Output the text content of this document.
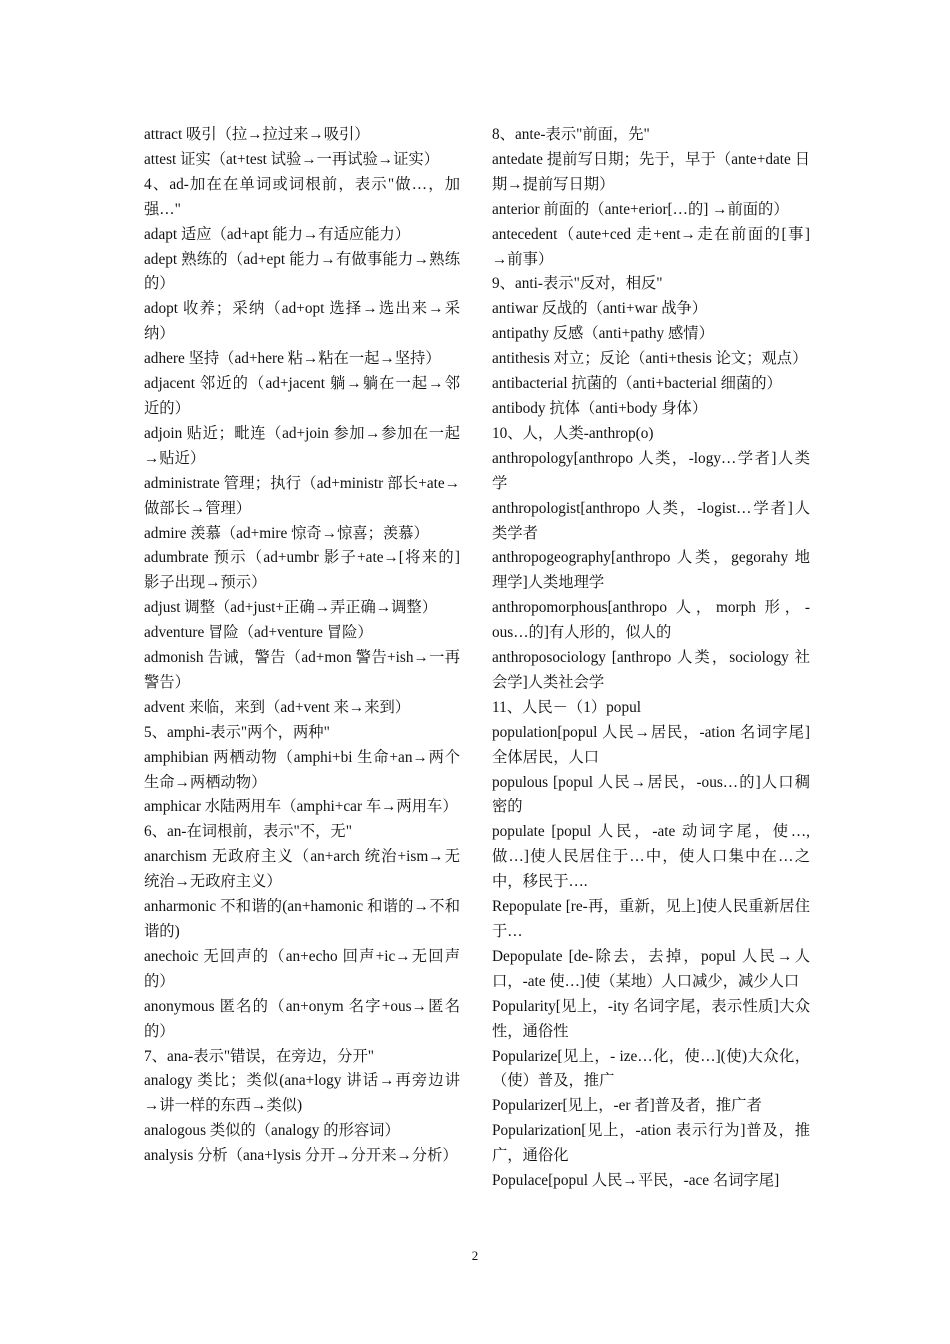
attract 吸引（拉→拉过来→吸引）
attest 证实（at+test 试验→一再试验→证实）
4、ad-加在在单词或词根前，表示"做…，加强…"
adapt 适应（ad+apt 能力→有适应能力）
adept 熟练的（ad+ept 能力→有做事能力→熟练的）
adopt 收养；采纳（ad+opt 选择→选出来→采纳）
adhere 坚持（ad+here 粘→粘在一起→坚持）
adjacent 邻近的（ad+jacent 躺→躺在一起→邻近的）
adjoin 贴近；毗连（ad+join 参加→参加在一起→贴近）
administrate 管理；执行（ad+ministr 部长+ate→做部长→管理）
admire 羡慕（ad+mire 惊奇→惊喜；羡慕）
adumbrate 预示（ad+umbr 影子+ate→[将来的]影子出现→预示）
adjust 调整（ad+just+正确→弄正确→调整）
adventure 冒险（ad+venture 冒险）
admonish 告诫，警告（ad+mon 警告+ish→一再警告）
advent 来临，来到（ad+vent 来→来到）
5、amphi-表示"两个，两种"
amphibian 两栖动物（amphi+bi 生命+an→两个生命→两栖动物）
amphicar 水陆两用车（amphi+car 车→两用车）
6、an-在词根前，表示"不，无"
anarchism 无政府主义（an+arch 统治+ism→无统治→无政府主义）
anharmonic 不和谐的(an+hamonic 和谐的→不和谐的)
anechoic 无回声的（an+echo 回声+ic→无回声的）
anonymous 匿名的（an+onym 名字+ous→匿名的）
7、ana-表示"错误，在旁边，分开"
analogy 类比；类似(ana+logy 讲话→再旁边讲→讲一样的东西→类似)
analogous 类似的（analogy 的形容词）
analysis 分析（ana+lysis 分开→分开来→分析）
8、ante-表示"前面，先"
antedate 提前写日期；先于，早于（ante+date 日期→提前写日期）
anterior 前面的（ante+erior[…的] →前面的）
antecedent（aute+ced 走+ent→走在前面的[事] →前事）
9、anti-表示"反对，相反"
antiwar 反战的（anti+war 战争）
antipathy 反感（anti+pathy 感情）
antithesis 对立；反论（anti+thesis 论文；观点）
antibacterial 抗菌的（anti+bacterial 细菌的）
antibody 抗体（anti+body 身体）
10、人，人类-anthrop(o)
anthropology[anthropo 人类，-logy…学者]人类学
anthropologist[anthropo 人类，-logist…学者]人类学者
anthropogeography[anthropo 人类，gegorahy 地理学]人类地理学
anthropomorphous[anthropo 人，morph 形，-ous…的]有人形的，似人的
anthroposociology [anthropo 人类，sociology 社会学]人类社会学
11、人民－（1）popul
population[popul 人民→居民，-ation 名词字尾]全体居民，人口
populous [popul 人民→居民，-ous…的]人口稠密的
populate [popul 人民，-ate 动词字尾，使…,做…]使人民居住于…中，使人口集中在…之中，移民于….
Repopulate [re-再，重新，见上]使人民重新居住于…
Depopulate [de-除去，去掉，popul 人民→人口，-ate 使…]使（某地）人口减少，减少人口
Popularity[见上，-ity 名词字尾，表示性质]大众性，通俗性
Popularize[见上，- ize…化，使…](使)大众化，（使）普及，推广
Popularizer[见上，-er 者]普及者，推广者
Popularization[见上，-ation 表示行为]普及，推广，通俗化
Populace[popul 人民→平民，-ace 名词字尾]
2
